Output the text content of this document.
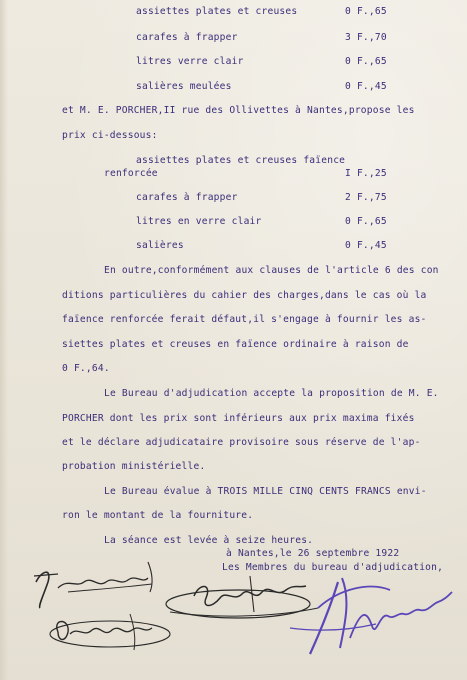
assiettes plates et creuses	0 F.,65
carafes à frapper	3 F.,70
litres verre clair	0 F.,65
salières meulées	0 F.,45
et M. E. PORCHER,II rue des Ollivettes à Nantes,propose les
prix ci-dessous:
assiettes plates et creuses faïence
renforcée	I F.,25
carafes à frapper	2 F.,75
litres en verre clair	0 F.,65
salières	0 F.,45
En outre,conformément aux clauses de l'article 6 des con
ditions particulières du cahier des charges,dans le cas où la
faïence renforcée ferait défaut,il s'engage à fournir les as-
siettes plates et creuses en faïence ordinaire à raison de
0 F.,64.
Le Bureau d'adjudication accepte la proposition de M. E.
PORCHER dont les prix sont inférieurs aux prix maxima fixés
et le déclare adjudicataire provisoire sous réserve de l'ap-
probation ministérielle.
Le Bureau évalue à TROIS MILLE CINQ CENTS FRANCS envi-
ron le montant de la fourniture.
La séance est levée à seize heures.
à Nantes,le 26 septembre 1922
Les Membres du bureau d'adjudication,
